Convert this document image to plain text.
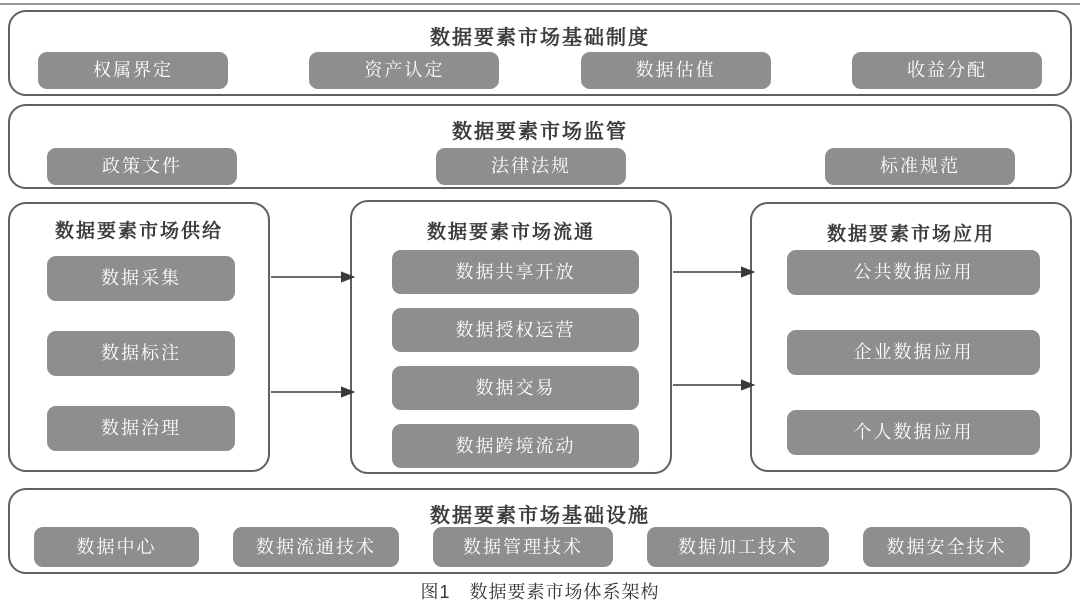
数据要素市场基础制度
权属界定	资产认定	数据估值	收益分配
数据要素市场监管
政策文件	法律法规	标准规范
数据要素市场供给
数据采集
数据标注
数据治理
数据要素市场流通
数据共享开放
数据授权运营
数据交易
数据跨境流动
数据要素市场应用
公共数据应用
企业数据应用
个人数据应用
数据要素市场基础设施
数据中心	数据流通技术	数据管理技术	数据加工技术	数据安全技术
图1　数据要素市场体系架构
